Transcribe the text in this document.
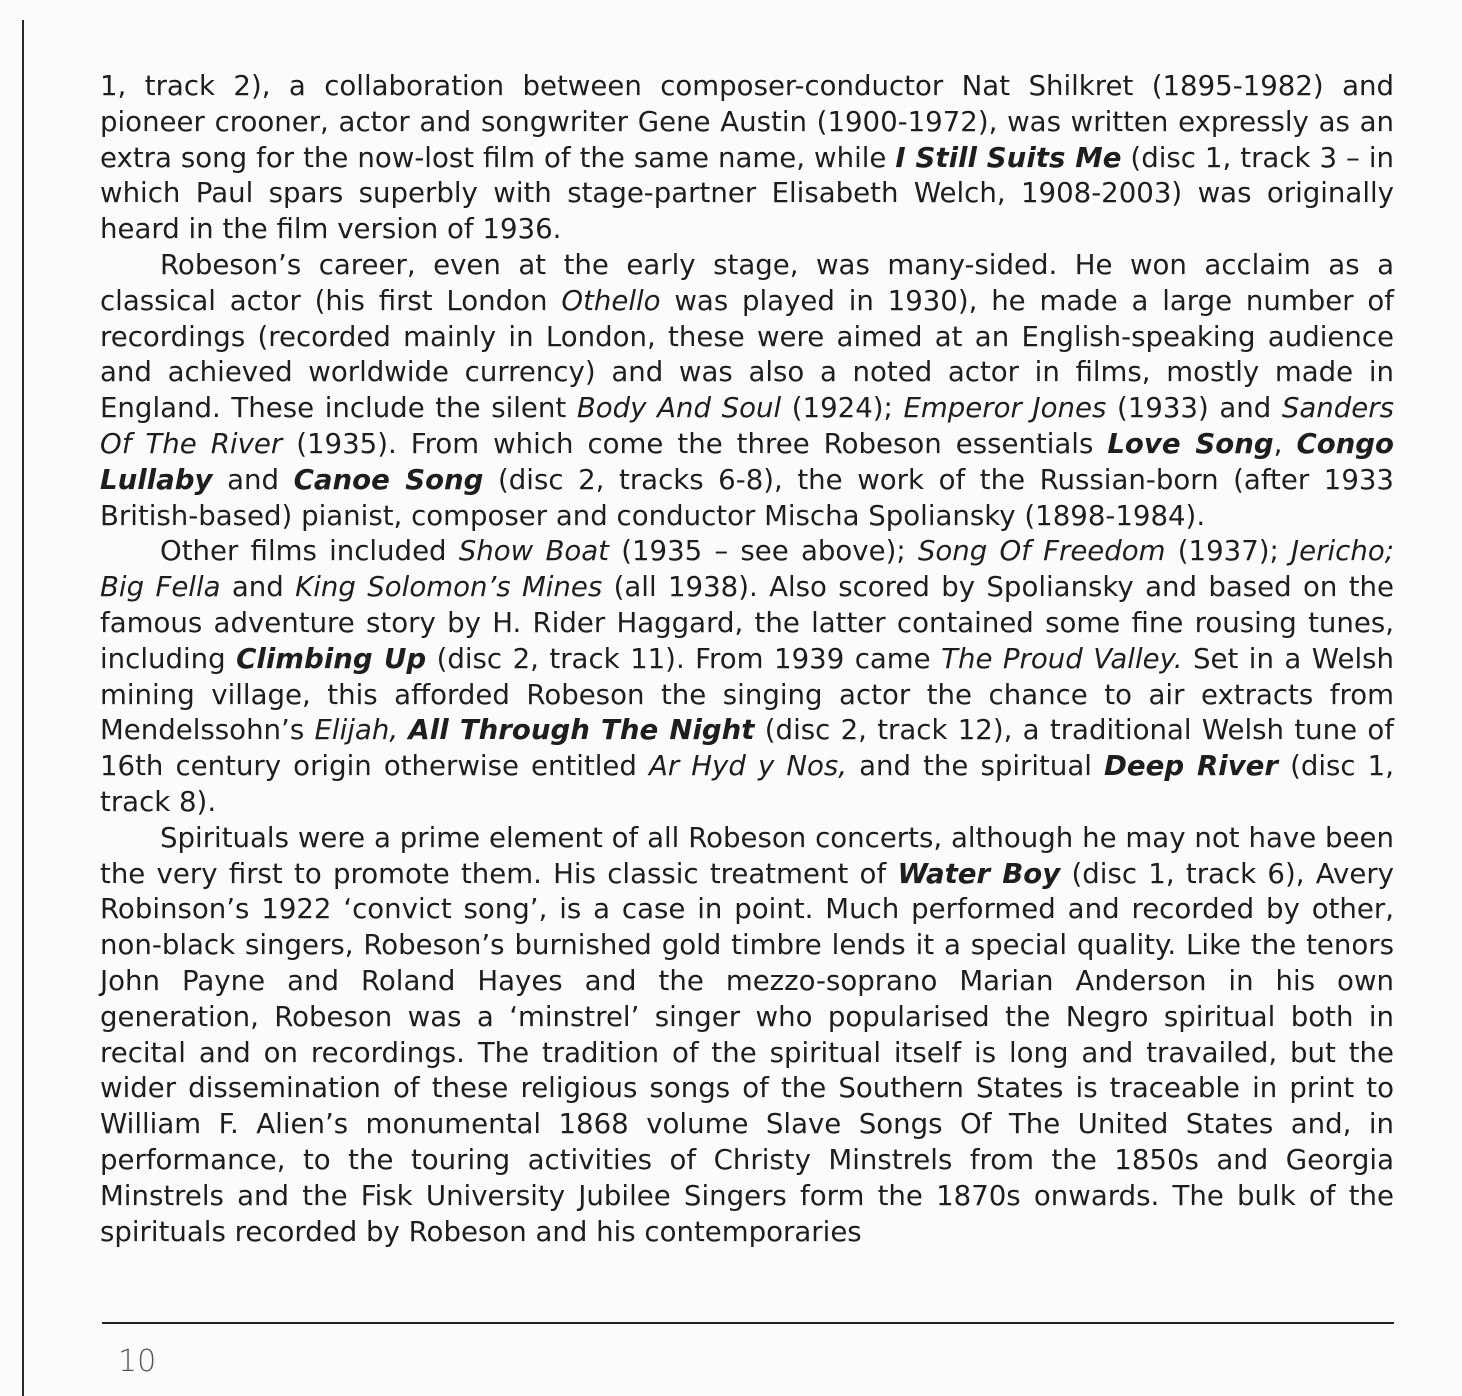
1, track 2), a collaboration between composer-conductor Nat Shilkret (1895-1982) and pioneer crooner, actor and songwriter Gene Austin (1900-1972), was written expressly as an extra song for the now-lost film of the same name, while I Still Suits Me (disc 1, track 3 – in which Paul spars superbly with stage-partner Elisabeth Welch, 1908-2003) was originally heard in the film version of 1936.

Robeson’s career, even at the early stage, was many-sided. He won acclaim as a classical actor (his first London Othello was played in 1930), he made a large number of recordings (recorded mainly in London, these were aimed at an English-speaking audience and achieved worldwide currency) and was also a noted actor in films, mostly made in England. These include the silent Body And Soul (1924); Emperor Jones (1933) and Sanders Of The River (1935). From which come the three Robeson essentials Love Song, Congo Lullaby and Canoe Song (disc 2, tracks 6-8), the work of the Russian-born (after 1933 British-based) pianist, composer and conductor Mischa Spoliansky (1898-1984).

Other films included Show Boat (1935 – see above); Song Of Freedom (1937); Jericho; Big Fella and King Solomon’s Mines (all 1938). Also scored by Spoliansky and based on the famous adventure story by H. Rider Haggard, the latter contained some fine rousing tunes, including Climbing Up (disc 2, track 11). From 1939 came The Proud Valley. Set in a Welsh mining village, this afforded Robeson the singing actor the chance to air extracts from Mendelssohn’s Elijah, All Through The Night (disc 2, track 12), a traditional Welsh tune of 16th century origin otherwise entitled Ar Hyd y Nos, and the spiritual Deep River (disc 1, track 8).

Spirituals were a prime element of all Robeson concerts, although he may not have been the very first to promote them. His classic treatment of Water Boy (disc 1, track 6), Avery Robinson’s 1922 ‘convict song’, is a case in point. Much performed and recorded by other, non-black singers, Robeson’s burnished gold timbre lends it a special quality. Like the tenors John Payne and Roland Hayes and the mezzo-soprano Marian Anderson in his own generation, Robeson was a ‘minstrel’ singer who popularised the Negro spiritual both in recital and on recordings. The tradition of the spiritual itself is long and travailed, but the wider dissemination of these religious songs of the Southern States is traceable in print to William F. Alien’s monumental 1868 volume Slave Songs Of The United States and, in performance, to the touring activities of Christy Minstrels from the 1850s and Georgia Minstrels and the Fisk University Jubilee Singers form the 1870s onwards. The bulk of the spirituals recorded by Robeson and his contemporaries

10
